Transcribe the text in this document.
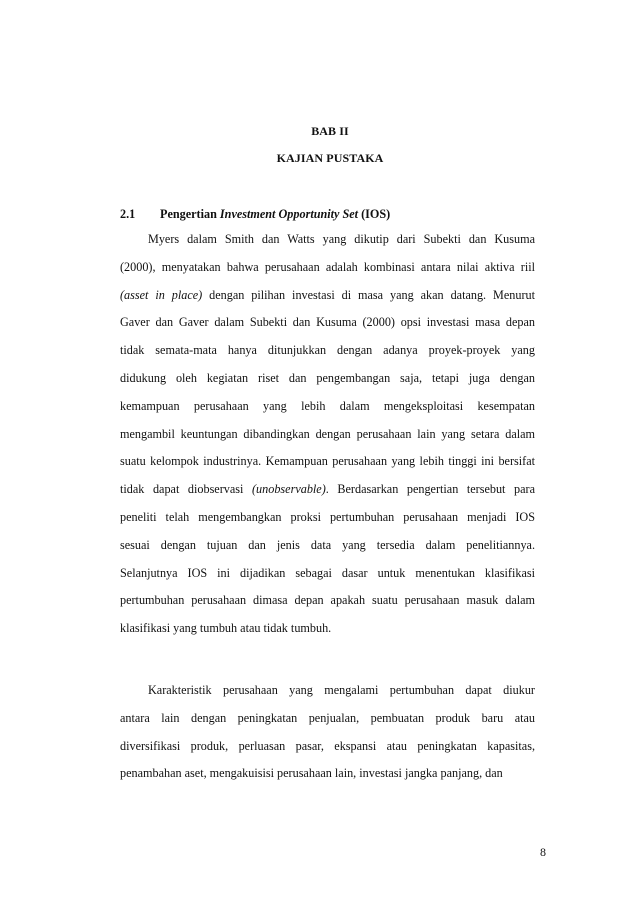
BAB II
KAJIAN PUSTAKA
2.1 Pengertian Investment Opportunity Set (IOS)
Myers dalam Smith dan Watts yang dikutip dari Subekti dan Kusuma
(2000), menyatakan bahwa perusahaan adalah kombinasi antara nilai aktiva riil
(asset in place) dengan pilihan investasi di masa yang akan datang. Menurut
Gaver dan Gaver dalam Subekti dan Kusuma (2000) opsi investasi masa depan
tidak semata-mata hanya ditunjukkan dengan adanya proyek-proyek yang
didukung oleh kegiatan riset dan pengembangan saja, tetapi juga dengan
kemampuan perusahaan yang lebih dalam mengeksploitasi kesempatan
mengambil keuntungan dibandingkan dengan perusahaan lain yang setara dalam
suatu kelompok industrinya. Kemampuan perusahaan yang lebih tinggi ini bersifat
tidak dapat diobservasi (unobservable). Berdasarkan pengertian tersebut para
peneliti telah mengembangkan proksi pertumbuhan perusahaan menjadi IOS
sesuai dengan tujuan dan jenis data yang tersedia dalam penelitiannya.
Selanjutnya IOS ini dijadikan sebagai dasar untuk menentukan klasifikasi
pertumbuhan perusahaan dimasa depan apakah suatu perusahaan masuk dalam
klasifikasi yang tumbuh atau tidak tumbuh.
Karakteristik perusahaan yang mengalami pertumbuhan dapat diukur
antara lain dengan peningkatan penjualan, pembuatan produk baru atau
diversifikasi produk, perluasan pasar, ekspansi atau peningkatan kapasitas,
penambahan aset, mengakuisisi perusahaan lain, investasi jangka panjang, dan
8
